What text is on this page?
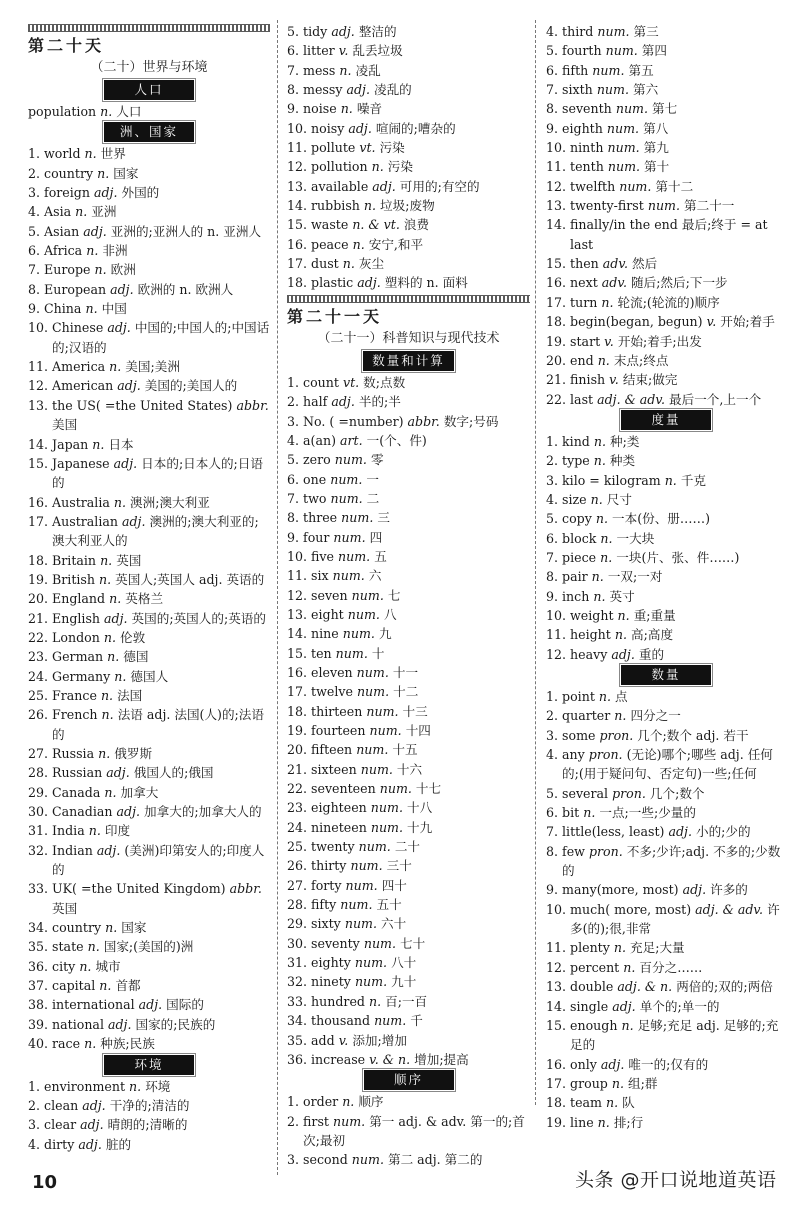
第二十天
（二十）世界与环境
人口
population n. 人口
洲、国家
1. world n. 世界
2. country n. 国家
3. foreign adj. 外国的
4. Asia n. 亚洲
5. Asian adj. 亚洲的;亚洲人的 n. 亚洲人
6. Africa n. 非洲
7. Europe n. 欧洲
8. European adj. 欧洲的 n. 欧洲人
9. China n. 中国
10. Chinese adj. 中国的;中国人的;中国话的;汉语的
11. America n. 美国;美洲
12. American adj. 美国的;美国人的
13. the US( =the United States) abbr. 美国
14. Japan n. 日本
15. Japanese adj. 日本的;日本人的;日语的
16. Australia n. 澳洲;澳大利亚
17. Australian adj. 澳洲的;澳大利亚的;澳大利亚人的
18. Britain n. 英国
19. British n. 英国人;英国人 adj. 英语的
20. England n. 英格兰
21. English adj. 英国的;英国人的;英语的
22. London n. 伦敦
23. German n. 德国
24. Germany n. 德国人
25. France n. 法国
26. French n. 法语 adj. 法国(人)的;法语的
27. Russia n. 俄罗斯
28. Russian adj. 俄国人的;俄国
29. Canada n. 加拿大
30. Canadian adj. 加拿大的;加拿大人的
31. India n. 印度
32. Indian adj. (美洲)印第安人的;印度人的
33. UK( =the United Kingdom) abbr. 英国
34. country n. 国家
35. state n. 国家;(美国的)洲
36. city n. 城市
37. capital n. 首都
38. international adj. 国际的
39. national adj. 国家的;民族的
40. race n. 种族;民族
环境
1. environment n. 环境
2. clean adj. 干净的;清洁的
3. clear adj. 晴朗的;清晰的
4. dirty adj. 脏的
5. tidy adj. 整洁的
6. litter v. 乱丢垃圾
7. mess n. 凌乱
8. messy adj. 凌乱的
9. noise n. 噪音
10. noisy adj. 喧闹的;嘈杂的
11. pollute vt. 污染
12. pollution n. 污染
13. available adj. 可用的;有空的
14. rubbish n. 垃圾;废物
15. waste n. & vt. 浪费
16. peace n. 安宁,和平
17. dust n. 灰尘
18. plastic adj. 塑料的 n. 面料
第二十一天
（二十一）科普知识与现代技术
数量和计算
1. count vt. 数;点数
2. half adj. 半的;半
3. No. ( =number) abbr. 数字;号码
4. a(an) art. 一(个、件)
5. zero num. 零
6. one num. 一
7. two num. 二
8. three num. 三
9. four num. 四
10. five num. 五
11. six num. 六
12. seven num. 七
13. eight num. 八
14. nine num. 九
15. ten num. 十
16. eleven num. 十一
17. twelve num. 十二
18. thirteen num. 十三
19. fourteen num. 十四
20. fifteen num. 十五
21. sixteen num. 十六
22. seventeen num. 十七
23. eighteen num. 十八
24. nineteen num. 十九
25. twenty num. 二十
26. thirty num. 三十
27. forty num. 四十
28. fifty num. 五十
29. sixty num. 六十
30. seventy num. 七十
31. eighty num. 八十
32. ninety num. 九十
33. hundred n. 百;一百
34. thousand num. 千
35. add v. 添加;增加
36. increase v. & n. 增加;提高
顺序
1. order n. 顺序
2. first num. 第一 adj. & adv. 第一的;首次;最初
3. second num. 第二 adj. 第二的
4. third num. 第三
5. fourth num. 第四
6. fifth num. 第五
7. sixth num. 第六
8. seventh num. 第七
9. eighth num. 第八
10. ninth num. 第九
11. tenth num. 第十
12. twelfth num. 第十二
13. twenty-first num. 第二十一
14. finally/in the end 最后;终于 = at last
15. then adv. 然后
16. next adv. 随后;然后;下一步
17. turn n. 轮流;(轮流的)顺序
18. begin(began, begun) v. 开始;着手
19. start v. 开始;着手;出发
20. end n. 末点;终点
21. finish v. 结束;做完
22. last adj. & adv. 最后一个,上一个
度量
1. kind n. 种;类
2. type n. 种类
3. kilo = kilogram n. 千克
4. size n. 尺寸
5. copy n. 一本(份、册……)
6. block n. 一大块
7. piece n. 一块(片、张、件……)
8. pair n. 一双;一对
9. inch n. 英寸
10. weight n. 重;重量
11. height n. 高;高度
12. heavy adj. 重的
数量
1. point n. 点
2. quarter n. 四分之一
3. some pron. 几个;数个 adj. 若干
4. any pron. (无论)哪个;哪些 adj. 任何的;(用于疑问句、否定句)一些;任何
5. several pron. 几个;数个
6. bit n. 一点;一些;少量的
7. little(less, least) adj. 小的;少的
8. few pron. 不多;少许;adj. 不多的;少数的
9. many(more, most) adj. 许多的
10. much( more, most) adj. & adv. 许多(的);很,非常
11. plenty n. 充足;大量
12. percent n. 百分之……
13. double adj. & n. 两倍的;双的;两倍
14. single adj. 单个的;单一的
15. enough n. 足够;充足 adj. 足够的;充足的
16. only adj. 唯一的;仅有的
17. group n. 组;群
18. team n. 队
19. line n. 排;行
10	头条 @开口说地道英语
